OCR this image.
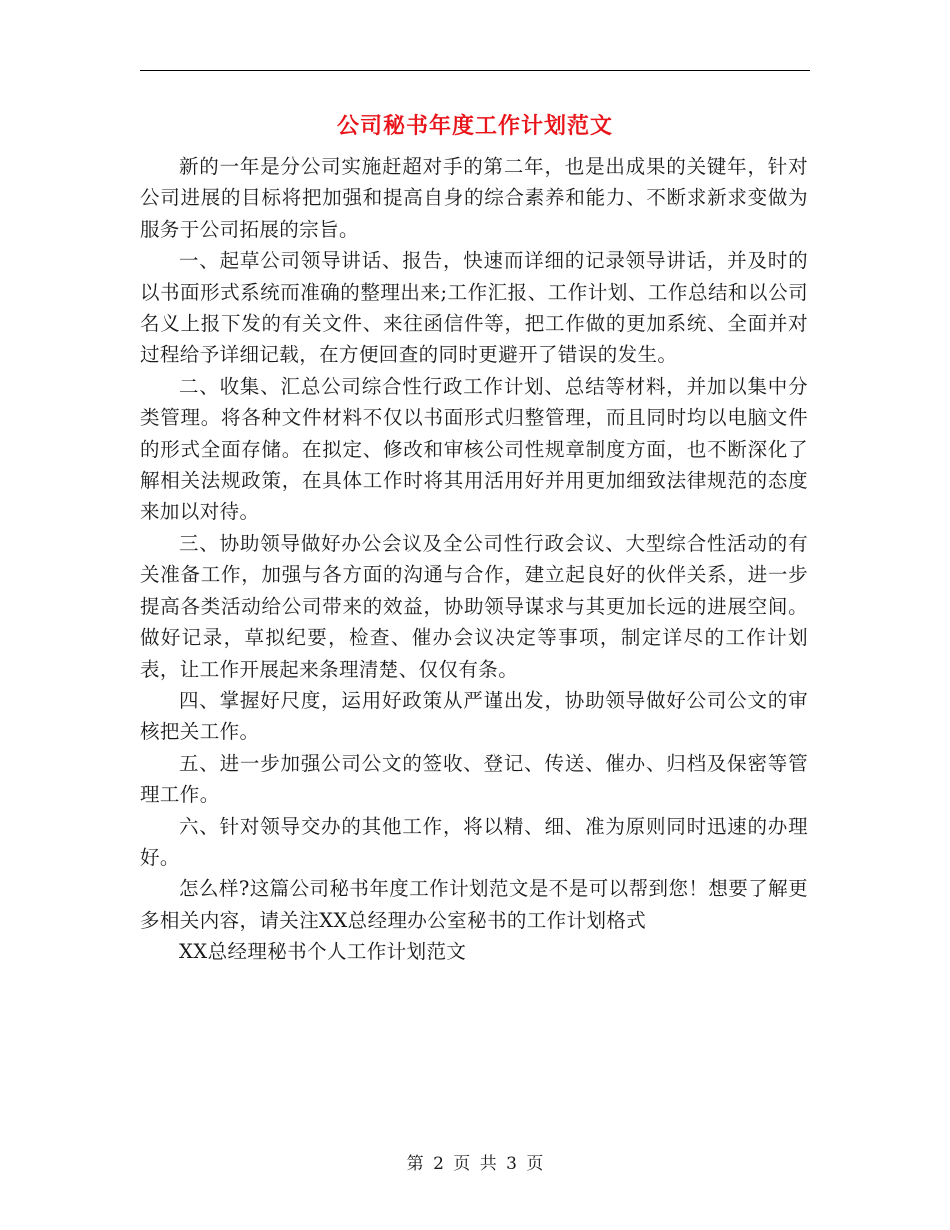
公司秘书年度工作计划范文

新的一年是分公司实施赶超对手的第二年，也是出成果的关键年，针对公司进展的目标将把加强和提高自身的综合素养和能力、不断求新求变做为服务于公司拓展的宗旨。

一、起草公司领导讲话、报告，快速而详细的记录领导讲话，并及时的以书面形式系统而准确的整理出来;工作汇报、工作计划、工作总结和以公司名义上报下发的有关文件、来往函信件等，把工作做的更加系统、全面并对过程给予详细记载，在方便回查的同时更避开了错误的发生。

二、收集、汇总公司综合性行政工作计划、总结等材料，并加以集中分类管理。将各种文件材料不仅以书面形式归整管理，而且同时均以电脑文件的形式全面存储。在拟定、修改和审核公司性规章制度方面，也不断深化了解相关法规政策，在具体工作时将其用活用好并用更加细致法律规范的态度来加以对待。

三、协助领导做好办公会议及全公司性行政会议、大型综合性活动的有关准备工作，加强与各方面的沟通与合作，建立起良好的伙伴关系，进一步提高各类活动给公司带来的效益，协助领导谋求与其更加长远的进展空间。做好记录，草拟纪要，检查、催办会议决定等事项，制定详尽的工作计划表，让工作开展起来条理清楚、仅仅有条。

四、掌握好尺度，运用好政策从严谨出发，协助领导做好公司公文的审核把关工作。

五、进一步加强公司公文的签收、登记、传送、催办、归档及保密等管理工作。

六、针对领导交办的其他工作，将以精、细、准为原则同时迅速的办理好。

怎么样?这篇公司秘书年度工作计划范文是不是可以帮到您！想要了解更多相关内容，请关注XX总经理办公室秘书的工作计划格式

XX总经理秘书个人工作计划范文

第 2 页 共 3 页
